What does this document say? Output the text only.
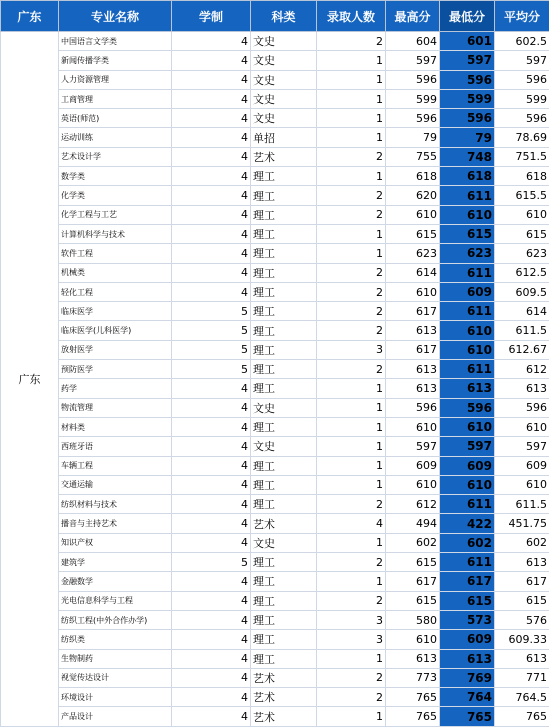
广东	专业名称	学制	科类	录取人数	最高分	最低分	平均分
广东	中国语言文学类	4	文史	2	604	601	602.5
	新闻传播学类	4	文史	1	597	597	597
	人力资源管理	4	文史	1	596	596	596
	工商管理	4	文史	1	599	599	599
	英语(师范)	4	文史	1	596	596	596
	运动训练	4	单招	1	79	79	78.69
	艺术设计学	4	艺术	2	755	748	751.5
	数学类	4	理工	1	618	618	618
	化学类	4	理工	2	620	611	615.5
	化学工程与工艺	4	理工	2	610	610	610
	计算机科学与技术	4	理工	1	615	615	615
	软件工程	4	理工	1	623	623	623
	机械类	4	理工	2	614	611	612.5
	轻化工程	4	理工	2	610	609	609.5
	临床医学	5	理工	2	617	611	614
	临床医学(儿科医学)	5	理工	2	613	610	611.5
	放射医学	5	理工	3	617	610	612.67
	预防医学	5	理工	2	613	611	612
	药学	4	理工	1	613	613	613
	物流管理	4	文史	1	596	596	596
	材料类	4	理工	1	610	610	610
	西班牙语	4	文史	1	597	597	597
	车辆工程	4	理工	1	609	609	609
	交通运输	4	理工	1	610	610	610
	纺织材料与技术	4	理工	2	612	611	611.5
	播音与主持艺术	4	艺术	4	494	422	451.75
	知识产权	4	文史	1	602	602	602
	建筑学	5	理工	2	615	611	613
	金融数学	4	理工	1	617	617	617
	光电信息科学与工程	4	理工	2	615	615	615
	纺织工程(中外合作办学)	4	理工	3	580	573	576
	纺织类	4	理工	3	610	609	609.33
	生物制药	4	理工	1	613	613	613
	视觉传达设计	4	艺术	2	773	769	771
	环境设计	4	艺术	2	765	764	764.5
	产品设计	4	艺术	1	765	765	765
